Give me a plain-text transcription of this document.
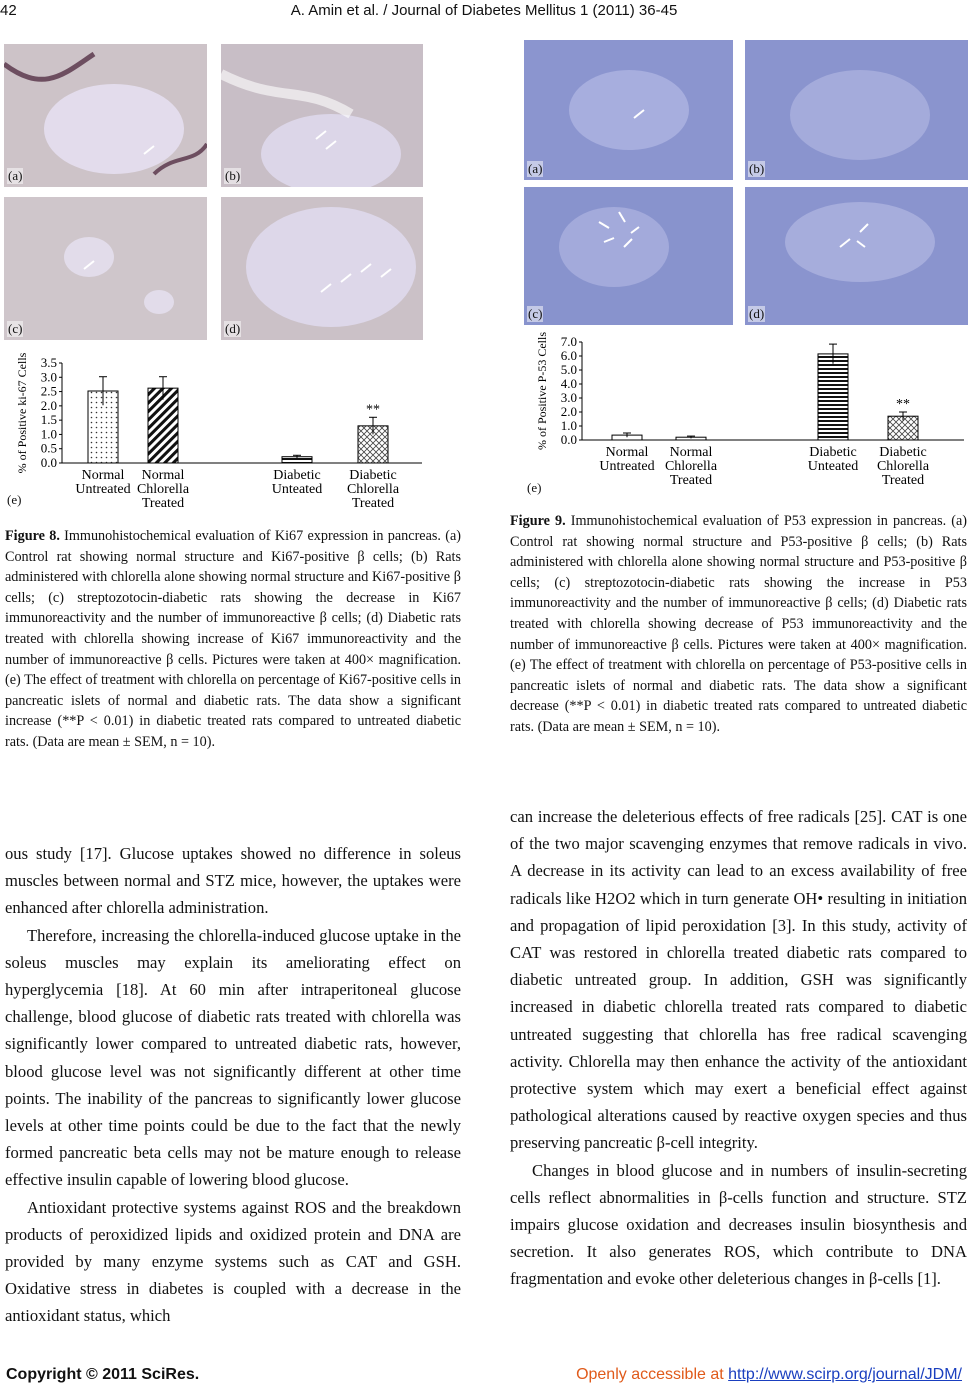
42	A. Amin et al. / Journal of Diabetes Mellitus 1 (2011) 36-45
(a)	(b)
(c)	(d)
% of Positive ki-67 Cells 3.5
3.0
2.5
2.0
1.5
1.0
0.5
0.0
Normal
Untreated
Normal
Chlorella
Treated
Diabetic
Unteated
**
Diabetic
Chlorella
Treated
(e)
Figure 8. Immunohistochemical evaluation of Ki67 expression in pancreas. (a) Control rat showing normal structure and Ki67-positive β cells; (b) Rats administered with chlorella alone showing normal structure and Ki67-positive β cells; (c) streptozotocin-diabetic rats showing the decrease in Ki67 immunoreactivity and the number of immunoreactive β cells; (d) Diabetic rats treated with chlorella showing increase of Ki67 immunoreactivity and the number of immunoreactive β cells. Pictures were taken at 400× magnification. (e) The effect of treatment with chlorella on percentage of Ki67-positive cells in pancreatic islets of normal and diabetic rats. The data show a significant increase (**P < 0.01) in diabetic treated rats compared to untreated diabetic rats. (Data are mean ± SEM, n = 10).

ous study [17]. Glucose uptakes showed no difference in soleus muscles between normal and STZ mice, however, the uptakes were enhanced after chlorella administration.

Therefore, increasing the chlorella-induced glucose uptake in the soleus muscles may explain its ameliorating effect on hyperglycemia [18]. At 60 min after intraperitoneal glucose challenge, blood glucose of diabetic rats treated with chlorella was significantly lower compared to untreated diabetic rats, however, blood glucose level was not significantly different at other time points. The inability of the pancreas to significantly lower glucose levels at other time points could be due to the fact that the newly formed pancreatic beta cells may not be mature enough to release effective insulin capable of lowering blood glucose.

Antioxidant protective systems against ROS and the breakdown products of peroxidized lipids and oxidized protein and DNA are provided by many enzyme systems such as CAT and GSH. Oxidative stress in diabetes is coupled with a decrease in the antioxidant status, which

(a)	(b)
(c)	(d)
% of Positive P-53 Cells 7.0
6.0
5.0
4.0
3.0
2.0
1.0
0.0
Normal
Untreated
Normal
Chlorella
Treated
Diabetic
Unteated
**
Diabetic
Chlorella
Treated
(e)
Figure 9. Immunohistochemical evaluation of P53 expression in pancreas. (a) Control rat showing normal structure and P53-positive β cells; (b) Rats administered with chlorella alone showing normal structure and P53-positive β cells; (c) streptozotocin-diabetic rats showing the increase in P53 immunoreactivity and the number of immunoreactive β cells; (d) Diabetic rats treated with chlorella showing decrease of P53 immunoreactivity and the number of immunoreactive β cells. Pictures were taken at 400× magnification. (e) The effect of treatment with chlorella on percentage of P53-positive cells in pancreatic islets of normal and diabetic rats. The data show a significant decrease (**P < 0.01) in diabetic treated rats compared to untreated diabetic rats. (Data are mean ± SEM, n = 10).

can increase the deleterious effects of free radicals [25]. CAT is one of the two major scavenging enzymes that remove radicals in vivo. A decrease in its activity can lead to an excess availability of free radicals like H2O2 which in turn generate OH• resulting in initiation and propagation of lipid peroxidation [3]. In this study, activity of CAT was restored in chlorella treated diabetic rats compared to diabetic untreated group. In addition, GSH was significantly increased in diabetic chlorella treated rats compared to diabetic untreated suggesting that chlorella has free radical scavenging activity. Chlorella may then enhance the activity of the antioxidant protective system which may exert a beneficial effect against pathological alterations caused by reactive oxygen species and thus preserving pancreatic β-cell integrity.

Changes in blood glucose and in numbers of insulin-secreting cells reflect abnormalities in β-cells function and structure. STZ impairs glucose oxidation and decreases insulin biosynthesis and secretion. It also generates ROS, which contribute to DNA fragmentation and evoke other deleterious changes in β-cells [1].

Copyright © 2011 SciRes.	Openly accessible at http://www.scirp.org/journal/JDM/
